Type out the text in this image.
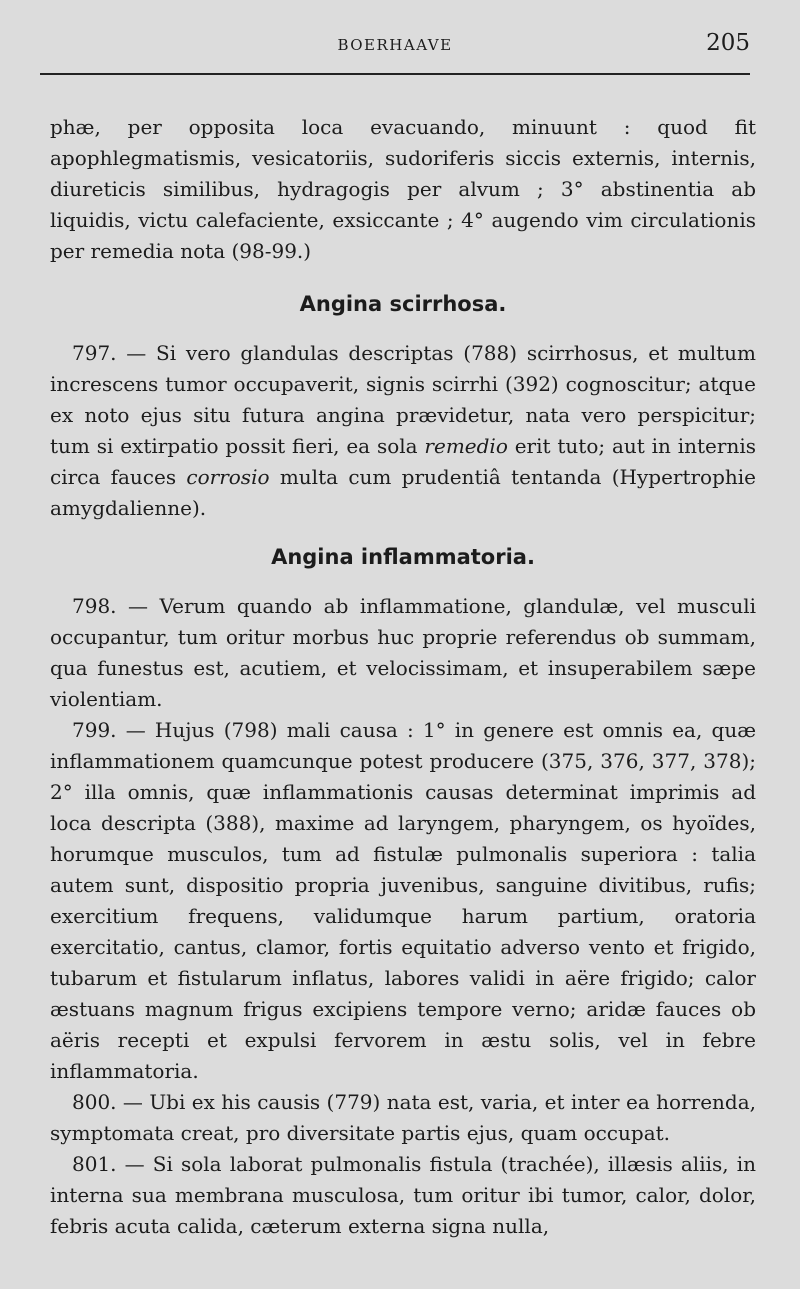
BOERHAAVE	205

phæ, per opposita loca evacuando, minuunt : quod fit apophlegmatismis, vesicatoriis, sudoriferis siccis externis, internis, diureticis similibus, hydragogis per alvum ; 3° abstinentia ab liquidis, victu calefaciente, exsiccante ; 4° augendo vim circulationis per remedia nota (98-99.)

Angina scirrhosa.

797. — Si vero glandulas descriptas (788) scirrhosus, et multum increscens tumor occupaverit, signis scirrhi (392) cognoscitur; atque ex noto ejus situ futura angina prævidetur, nata vero perspicitur; tum si extirpatio possit fieri, ea sola remedio erit tuto; aut in internis circa fauces corrosio multa cum prudentiâ tentanda (Hypertrophie amygdalienne).

Angina inflammatoria.

798. — Verum quando ab inflammatione, glandulæ, vel musculi occupantur, tum oritur morbus huc proprie referendus ob summam, qua funestus est, acutiem, et velocissimam, et insuperabilem sæpe violentiam.

799. — Hujus (798) mali causa : 1° in genere est omnis ea, quæ inflammationem quamcunque potest producere (375, 376, 377, 378); 2° illa omnis, quæ inflammationis causas determinat imprimis ad loca descripta (388), maxime ad laryngem, pharyngem, os hyoïdes, horumque musculos, tum ad fistulæ pulmonalis superiora : talia autem sunt, dispositio propria juvenibus, sanguine divitibus, rufis; exercitium frequens, validumque harum partium, oratoria exercitatio, cantus, clamor, fortis equitatio adverso vento et frigido, tubarum et fistularum inflatus, labores validi in aëre frigido; calor æstuans magnum frigus excipiens tempore verno; aridæ fauces ob aëris recepti et expulsi fervorem in æstu solis, vel in febre inflammatoria.

800. — Ubi ex his causis (779) nata est, varia, et inter ea horrenda, symptomata creat, pro diversitate partis ejus, quam occupat.

801. — Si sola laborat pulmonalis fistula (trachée), illæsis aliis, in interna sua membrana musculosa, tum oritur ibi tumor, calor, dolor, febris acuta calida, cæterum externa signa nulla,
